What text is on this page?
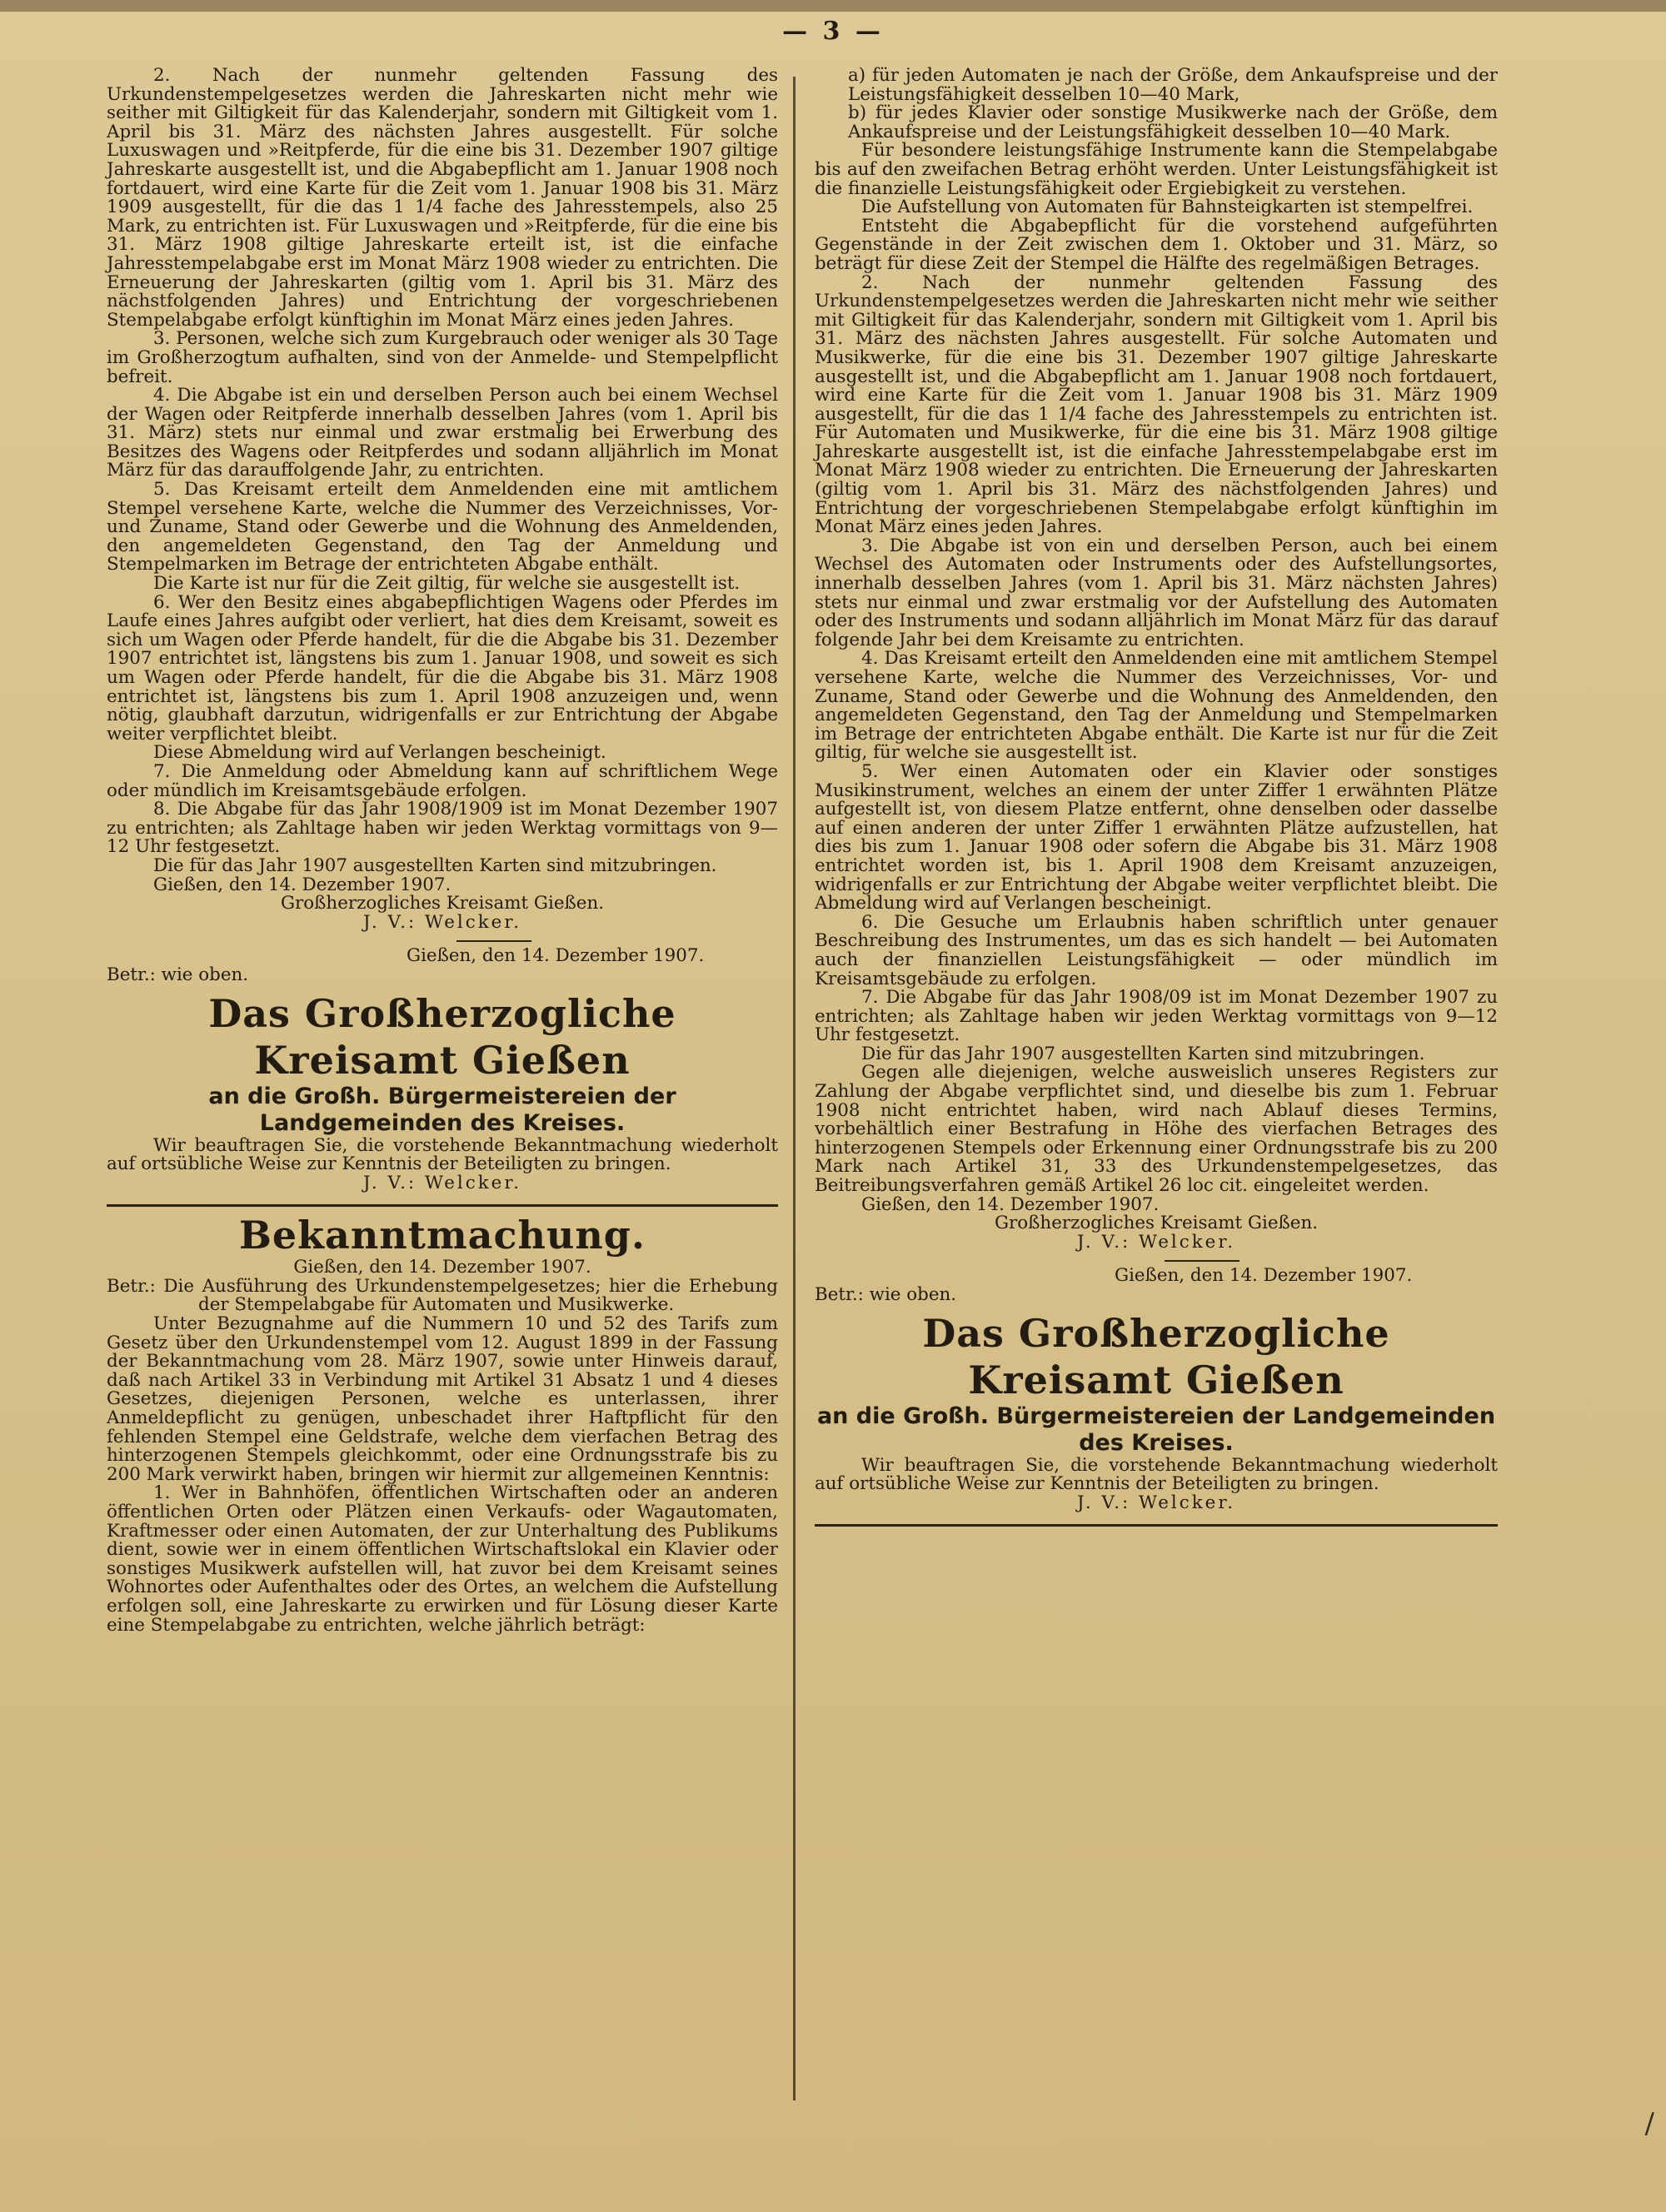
— 3 —

2. Nach der nunmehr geltenden Fassung des Urkundenstempelgesetzes werden die Jahreskarten nicht mehr wie seither mit Giltigkeit für das Kalenderjahr, sondern mit Giltigkeit vom 1. April bis 31. März des nächsten Jahres ausgestellt. Für solche Luxuswagen und »Reitpferde, für die eine bis 31. Dezember 1907 giltige Jahreskarte ausgestellt ist, und die Abgabepflicht am 1. Januar 1908 noch fortdauert, wird eine Karte für die Zeit vom 1. Januar 1908 bis 31. März 1909 ausgestellt, für die das 1 1/4 fache des Jahresstempels, also 25 Mark, zu entrichten ist. Für Luxuswagen und »Reitpferde, für die eine bis 31. März 1908 giltige Jahreskarte erteilt ist, ist die einfache Jahresstempelabgabe erst im Monat März 1908 wieder zu entrichten. Die Erneuerung der Jahreskarten (giltig vom 1. April bis 31. März des nächstfolgenden Jahres) und Entrichtung der vorgeschriebenen Stempelabgabe erfolgt künftighin im Monat März eines jeden Jahres.

3. Personen, welche sich zum Kurgebrauch oder weniger als 30 Tage im Großherzogtum aufhalten, sind von der Anmelde- und Stempelpflicht befreit.

4. Die Abgabe ist ein und derselben Person auch bei einem Wechsel der Wagen oder Reitpferde innerhalb desselben Jahres (vom 1. April bis 31. März) stets nur einmal und zwar erstmalig bei Erwerbung des Besitzes des Wagens oder Reitpferdes und sodann alljährlich im Monat März für das darauffolgende Jahr, zu entrichten.

5. Das Kreisamt erteilt dem Anmeldenden eine mit amtlichem Stempel versehene Karte, welche die Nummer des Verzeichnisses, Vor- und Zuname, Stand oder Gewerbe und die Wohnung des Anmeldenden, den angemeldeten Gegenstand, den Tag der Anmeldung und Stempelmarken im Betrage der entrichteten Abgabe enthält.

Die Karte ist nur für die Zeit giltig, für welche sie ausgestellt ist.

6. Wer den Besitz eines abgabepflichtigen Wagens oder Pferdes im Laufe eines Jahres aufgibt oder verliert, hat dies dem Kreisamt, soweit es sich um Wagen oder Pferde handelt, für die die Abgabe bis 31. Dezember 1907 entrichtet ist, längstens bis zum 1. Januar 1908, und soweit es sich um Wagen oder Pferde handelt, für die die Abgabe bis 31. März 1908 entrichtet ist, längstens bis zum 1. April 1908 anzuzeigen und, wenn nötig, glaubhaft darzutun, widrigenfalls er zur Entrichtung der Abgabe weiter verpflichtet bleibt.

Diese Abmeldung wird auf Verlangen bescheinigt.

7. Die Anmeldung oder Abmeldung kann auf schriftlichem Wege oder mündlich im Kreisamtsgebäude erfolgen.

8. Die Abgabe für das Jahr 1908/1909 ist im Monat Dezember 1907 zu entrichten; als Zahltage haben wir jeden Werktag vormittags von 9—12 Uhr festgesetzt.

Die für das Jahr 1907 ausgestellten Karten sind mitzubringen.

Gießen, den 14. Dezember 1907.

Großherzogliches Kreisamt Gießen.

J. V.: Welcker.

Gießen, den 14. Dezember 1907.

Betr.: wie oben.

Das Großherzogliche Kreisamt Gießen
an die Großh. Bürgermeistereien der Landgemeinden des Kreises.

Wir beauftragen Sie, die vorstehende Bekanntmachung wiederholt auf ortsübliche Weise zur Kenntnis der Beteiligten zu bringen.

J. V.: Welcker.

Bekanntmachung.

Gießen, den 14. Dezember 1907.

Betr.: Die Ausführung des Urkundenstempelgesetzes; hier die Erhebung der Stempelabgabe für Automaten und Musikwerke.

Unter Bezugnahme auf die Nummern 10 und 52 des Tarifs zum Gesetz über den Urkundenstempel vom 12. August 1899 in der Fassung der Bekanntmachung vom 28. März 1907, sowie unter Hinweis darauf, daß nach Artikel 33 in Verbindung mit Artikel 31 Absatz 1 und 4 dieses Gesetzes, diejenigen Personen, welche es unterlassen, ihrer Anmeldepflicht zu genügen, unbeschadet ihrer Haftpflicht für den fehlenden Stempel eine Geldstrafe, welche dem vierfachen Betrag des hinterzogenen Stempels gleichkommt, oder eine Ordnungsstrafe bis zu 200 Mark verwirkt haben, bringen wir hiermit zur allgemeinen Kenntnis:

1. Wer in Bahnhöfen, öffentlichen Wirtschaften oder an anderen öffentlichen Orten oder Plätzen einen Verkaufs- oder Wagautomaten, Kraftmesser oder einen Automaten, der zur Unterhaltung des Publikums dient, sowie wer in einem öffentlichen Wirtschaftslokal ein Klavier oder sonstiges Musikwerk aufstellen will, hat zuvor bei dem Kreisamt seines Wohnortes oder Aufenthaltes oder des Ortes, an welchem die Aufstellung erfolgen soll, eine Jahreskarte zu erwirken und für Lösung dieser Karte eine Stempelabgabe zu entrichten, welche jährlich beträgt:

a) für jeden Automaten je nach der Größe, dem Ankaufspreise und der Leistungsfähigkeit desselben 10—40 Mark,

b) für jedes Klavier oder sonstige Musikwerke nach der Größe, dem Ankaufspreise und der Leistungsfähigkeit desselben 10—40 Mark.

Für besondere leistungsfähige Instrumente kann die Stempelabgabe bis auf den zweifachen Betrag erhöht werden. Unter Leistungsfähigkeit ist die finanzielle Leistungsfähigkeit oder Ergiebigkeit zu verstehen.

Die Aufstellung von Automaten für Bahnsteigkarten ist stempelfrei.

Entsteht die Abgabepflicht für die vorstehend aufgeführten Gegenstände in der Zeit zwischen dem 1. Oktober und 31. März, so beträgt für diese Zeit der Stempel die Hälfte des regelmäßigen Betrages.

2. Nach der nunmehr geltenden Fassung des Urkundenstempelgesetzes werden die Jahreskarten nicht mehr wie seither mit Giltigkeit für das Kalenderjahr, sondern mit Giltigkeit vom 1. April bis 31. März des nächsten Jahres ausgestellt. Für solche Automaten und Musikwerke, für die eine bis 31. Dezember 1907 giltige Jahreskarte ausgestellt ist, und die Abgabepflicht am 1. Januar 1908 noch fortdauert, wird eine Karte für die Zeit vom 1. Januar 1908 bis 31. März 1909 ausgestellt, für die das 1 1/4 fache des Jahresstempels zu entrichten ist. Für Automaten und Musikwerke, für die eine bis 31. März 1908 giltige Jahreskarte ausgestellt ist, ist die einfache Jahresstempelabgabe erst im Monat März 1908 wieder zu entrichten. Die Erneuerung der Jahreskarten (giltig vom 1. April bis 31. März des nächstfolgenden Jahres) und Entrichtung der vorgeschriebenen Stempelabgabe erfolgt künftighin im Monat März eines jeden Jahres.

3. Die Abgabe ist von ein und derselben Person, auch bei einem Wechsel des Automaten oder Instruments oder des Aufstellungsortes, innerhalb desselben Jahres (vom 1. April bis 31. März nächsten Jahres) stets nur einmal und zwar erstmalig vor der Aufstellung des Automaten oder des Instruments und sodann alljährlich im Monat März für das darauf folgende Jahr bei dem Kreisamte zu entrichten.

4. Das Kreisamt erteilt den Anmeldenden eine mit amtlichem Stempel versehene Karte, welche die Nummer des Verzeichnisses, Vor- und Zuname, Stand oder Gewerbe und die Wohnung des Anmeldenden, den angemeldeten Gegenstand, den Tag der Anmeldung und Stempelmarken im Betrage der entrichteten Abgabe enthält. Die Karte ist nur für die Zeit giltig, für welche sie ausgestellt ist.

5. Wer einen Automaten oder ein Klavier oder sonstiges Musikinstrument, welches an einem der unter Ziffer 1 erwähnten Plätze aufgestellt ist, von diesem Platze entfernt, ohne denselben oder dasselbe auf einen anderen der unter Ziffer 1 erwähnten Plätze aufzustellen, hat dies bis zum 1. Januar 1908 oder sofern die Abgabe bis 31. März 1908 entrichtet worden ist, bis 1. April 1908 dem Kreisamt anzuzeigen, widrigenfalls er zur Entrichtung der Abgabe weiter verpflichtet bleibt. Die Abmeldung wird auf Verlangen bescheinigt.

6. Die Gesuche um Erlaubnis haben schriftlich unter genauer Beschreibung des Instrumentes, um das es sich handelt — bei Automaten auch der finanziellen Leistungsfähigkeit — oder mündlich im Kreisamtsgebäude zu erfolgen.

7. Die Abgabe für das Jahr 1908/09 ist im Monat Dezember 1907 zu entrichten; als Zahltage haben wir jeden Werktag vormittags von 9—12 Uhr festgesetzt.

Die für das Jahr 1907 ausgestellten Karten sind mitzubringen.

Gegen alle diejenigen, welche ausweislich unseres Registers zur Zahlung der Abgabe verpflichtet sind, und dieselbe bis zum 1. Februar 1908 nicht entrichtet haben, wird nach Ablauf dieses Termins, vorbehältlich einer Bestrafung in Höhe des vierfachen Betrages des hinterzogenen Stempels oder Erkennung einer Ordnungsstrafe bis zu 200 Mark nach Artikel 31, 33 des Urkundenstempelgesetzes, das Beitreibungsverfahren gemäß Artikel 26 loc cit. eingeleitet werden.

Gießen, den 14. Dezember 1907.

Großherzogliches Kreisamt Gießen.

J. V.: Welcker.

Gießen, den 14. Dezember 1907.

Betr.: wie oben.

Das Großherzogliche Kreisamt Gießen
an die Großh. Bürgermeistereien der Landgemeinden des Kreises.

Wir beauftragen Sie, die vorstehende Bekanntmachung wiederholt auf ortsübliche Weise zur Kenntnis der Beteiligten zu bringen.

J. V.: Welcker.

/
